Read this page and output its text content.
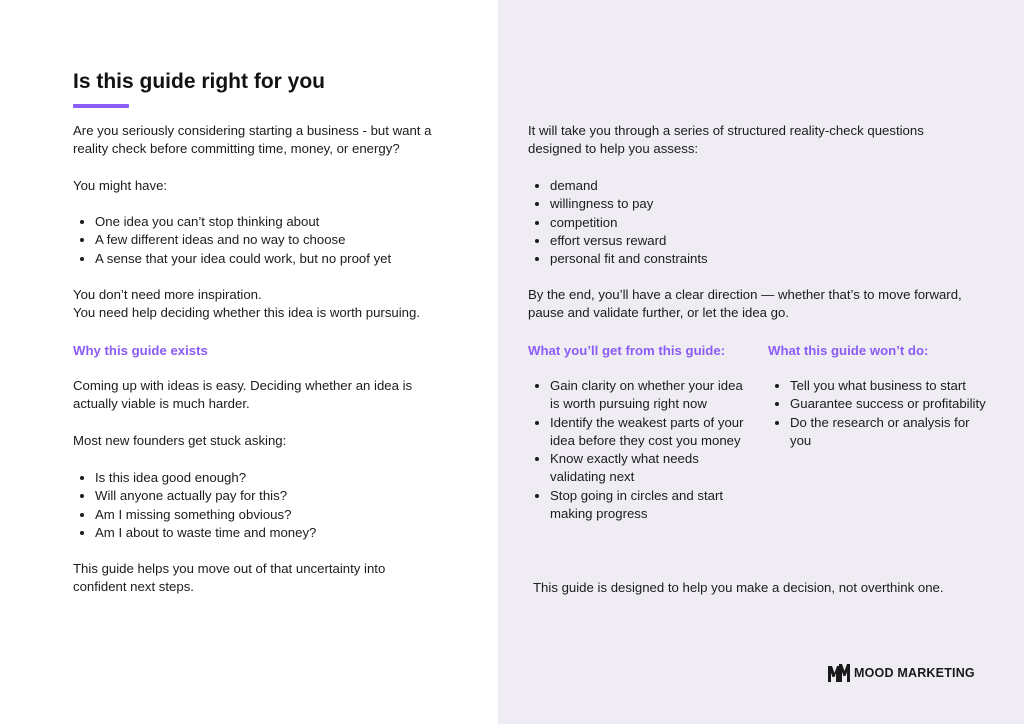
Is this guide right for you

Are you seriously considering starting a business - but want a reality check before committing time, money, or energy?

You might have:

• One idea you can’t stop thinking about
• A few different ideas and no way to choose
• A sense that your idea could work, but no proof yet

You don’t need more inspiration.

You need help deciding whether this idea is worth pursuing.

Why this guide exists

Coming up with ideas is easy. Deciding whether an idea is actually viable is much harder.

Most new founders get stuck asking:

• Is this idea good enough?
• Will anyone actually pay for this?
• Am I missing something obvious?
• Am I about to waste time and money?

This guide helps you move out of that uncertainty into confident next steps.

It will take you through a series of structured reality-check questions designed to help you assess:

• demand
• willingness to pay
• competition
• effort versus reward
• personal fit and constraints

By the end, you’ll have a clear direction — whether that’s to move forward, pause and validate further, or let the idea go.

What you’ll get from this guide:	What this guide won’t do:
• Gain clarity on whether your idea is worth pursuing right now
• Identify the weakest parts of your idea before they cost you money
• Know exactly what needs validating next
• Stop going in circles and start making progress
• Tell you what business to start
• Guarantee success or profitability
• Do the research or analysis for you

This guide is designed to help you make a decision, not overthink one.

MOOD MARKETING
